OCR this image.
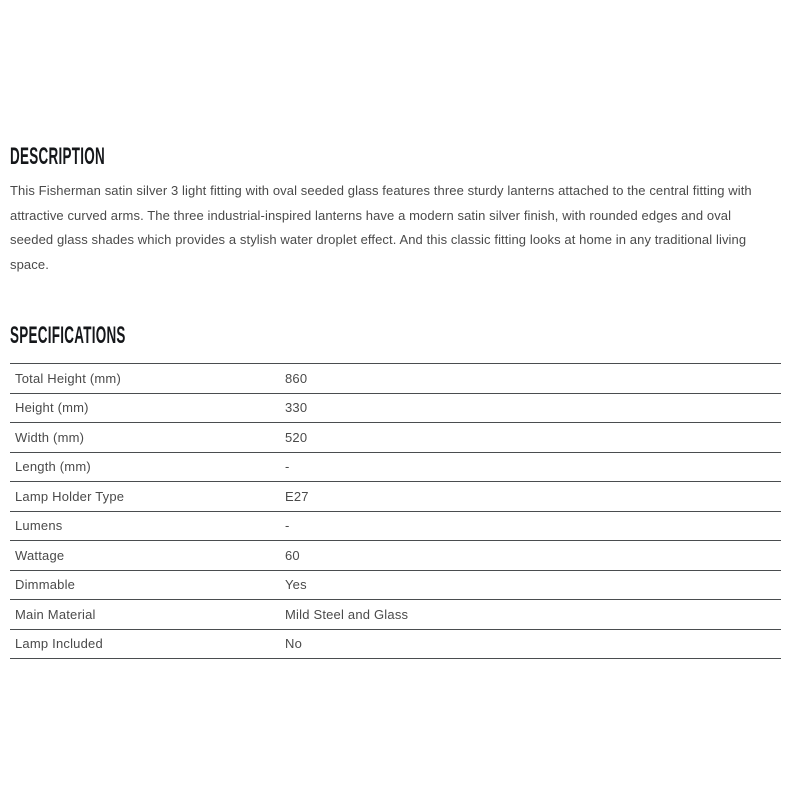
DESCRIPTION
This Fisherman satin silver 3 light fitting with oval seeded glass features three sturdy lanterns attached to the central fitting with
attractive curved arms. The three industrial-inspired lanterns have a modern satin silver finish, with rounded edges and oval
seeded glass shades which provides a stylish water droplet effect. And this classic fitting looks at home in any traditional living
space.
SPECIFICATIONS
Total Height (mm)	860
Height (mm)	330
Width (mm)	520
Length (mm)	-
Lamp Holder Type	E27
Lumens	-
Wattage	60
Dimmable	Yes
Main Material	Mild Steel and Glass
Lamp Included	No
